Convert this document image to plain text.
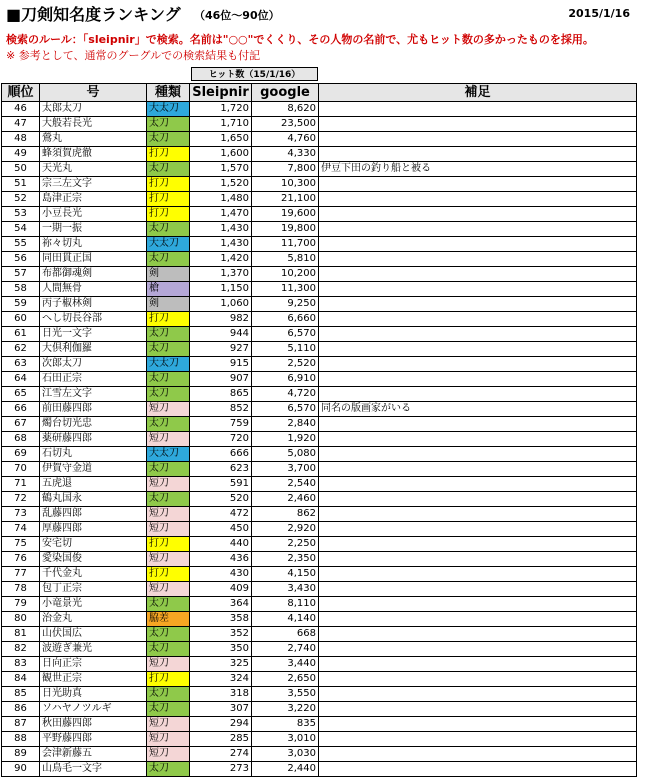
■刀剣知名度ランキング （46位〜90位）	2015/1/16
検索のルール：「sleipnir」で検索。名前は"○○"でくくり、その人物の名前で、尤もヒット数の多かったものを採用。
※ 参考として、通常のグーグルでの検索結果も付記
ヒット数（15/1/16）
順位	号	種類	Sleipnir	google	補足
46	太郎太刀	大太刀	1,720	8,620	
47	大般若長光	太刀	1,710	23,500	
48	鶯丸	太刀	1,650	4,760	
49	蜂須賀虎徹	打刀	1,600	4,330	
50	天光丸	太刀	1,570	7,800	伊豆下田の釣り船と被る
51	宗三左文字	打刀	1,520	10,300	
52	島津正宗	打刀	1,480	21,100	
53	小豆長光	打刀	1,470	19,600	
54	一期一振	太刀	1,430	19,800	
55	祢々切丸	大太刀	1,430	11,700	
56	同田貫正国	太刀	1,420	5,810	
57	布都御魂剣	剣	1,370	10,200	
58	人間無骨	槍	1,150	11,300	
59	丙子椒林剣	剣	1,060	9,250	
60	へし切長谷部	打刀	982	6,660	
61	日光一文字	太刀	944	6,570	
62	大倶利伽羅	太刀	927	5,110	
63	次郎太刀	大太刀	915	2,520	
64	石田正宗	太刀	907	6,910	
65	江雪左文字	太刀	865	4,720	
66	前田藤四郎	短刀	852	6,570	同名の版画家がいる
67	燭台切光忠	太刀	759	2,840	
68	薬研藤四郎	短刀	720	1,920	
69	石切丸	大太刀	666	5,080	
70	伊賀守金道	太刀	623	3,700	
71	五虎退	短刀	591	2,540	
72	鶴丸国永	太刀	520	2,460	
73	乱藤四郎	短刀	472	862	
74	厚藤四郎	短刀	450	2,920	
75	安宅切	打刀	440	2,250	
76	愛染国俊	短刀	436	2,350	
77	千代金丸	打刀	430	4,150	
78	包丁正宗	短刀	409	3,430	
79	小竜景光	太刀	364	8,110	
80	治金丸	脇差	358	4,140	
81	山伏国広	太刀	352	668	
82	波遊ぎ兼光	太刀	350	2,740	
83	日向正宗	短刀	325	3,440	
84	観世正宗	打刀	324	2,650	
85	日光助真	太刀	318	3,550	
86	ソハヤノツルギ	太刀	307	3,220	
87	秋田藤四郎	短刀	294	835	
88	平野藤四郎	短刀	285	3,010	
89	会津新藤五	短刀	274	3,030	
90	山鳥毛一文字	太刀	273	2,440	
